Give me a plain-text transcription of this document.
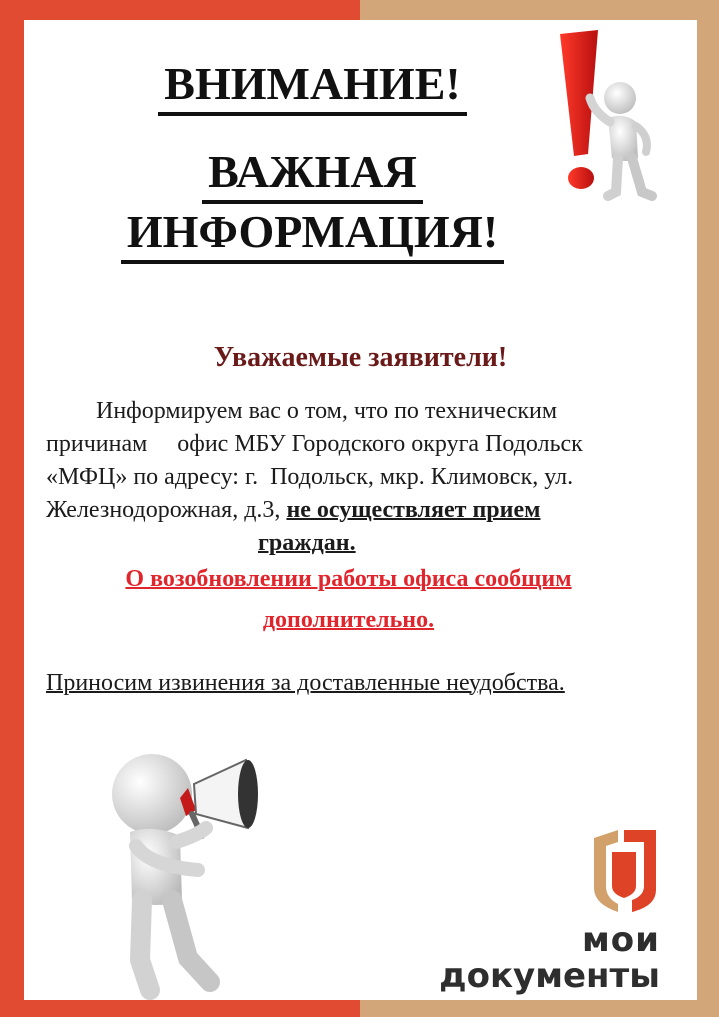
ВНИМАНИЕ!
ВАЖНАЯ
ИНФОРМАЦИЯ!
Уважаемые заявители!
Информируем вас о том, что по техническим
причинам     офис МБУ Городского округа Подольск
«МФЦ» по адресу: г.  Подольск, мкр. Климовск, ул.
Железнодорожная, д.3, не осуществляет прием
граждан.
О возобновлении работы офиса сообщим
дополнительно.
Приносим извинения за доставленные неудобства.
мои
документы
